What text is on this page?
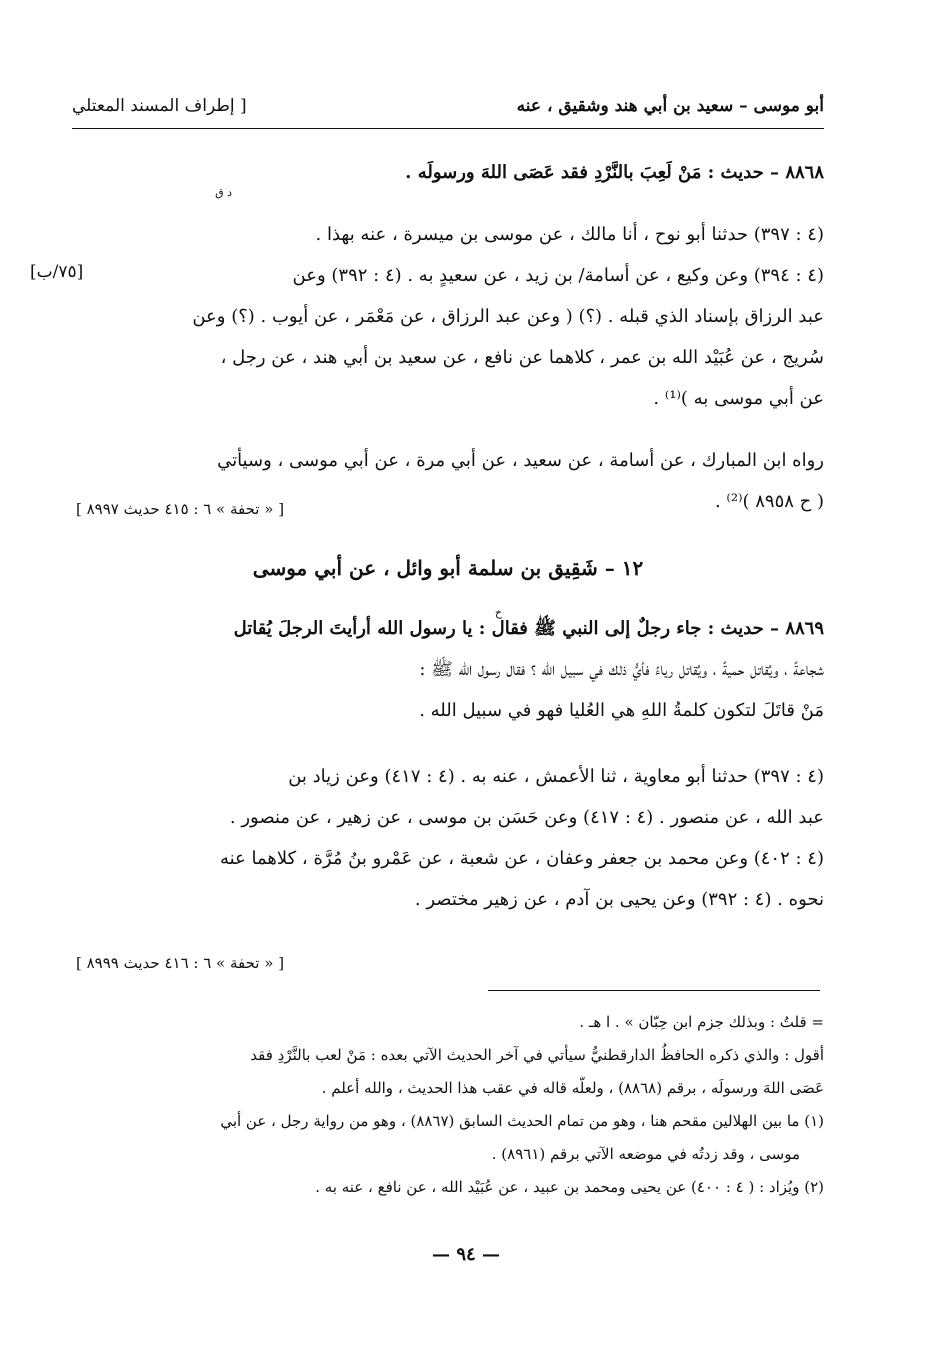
أبو موسى – سعيد بن أبي هند وشقيق ، عنه
[ إطراف المسند المعتلي
[٧٥/ب]
٨٨٦٨ – حديث : مَنْ لَعِبَ بالنَّرْدِ فقد عَصَى اللهَ ورسولَه .
د ق
(٤ : ٣٩٧) حدثنا أبو نوح ، أنا مالك ، عن موسى بن ميسرة ، عنه بهذا .
(٤ : ٣٩٤) وعن وكيع ، عن أسامة/ بن زيد ، عن سعيدٍ به . (٤ : ٣٩٢) وعن
عبد الرزاق بإسناد الذي قبله . (؟) ( وعن عبد الرزاق ، عن مَعْمَر ، عن أيوب . (؟) وعن
سُريج ، عن عُبَيْد الله بن عمر ، كلاهما عن نافع ، عن سعيد بن أبي هند ، عن رجل ،
عن أبي موسى به )⁽¹⁾ .
رواه ابن المبارك ، عن أسامة ، عن سعيد ، عن أبي مرة ، عن أبي موسى ، وسيأتي
( ح ٨٩٥٨ )⁽²⁾ .
[ « تحفة » ٦ : ٤١٥ حديث ٨٩٩٧ ]
١٢ – شَقِيق بن سلمة أبو وائل ، عن أبي موسى
خ
٨٨٦٩ – حديث : جاء رجلٌ إلى النبي ﷺ فقال : يا رسول الله أرأيتَ الرجلَ يُقاتل
شجاعةً ، ويُقاتل حميةً ، ويُقاتل رياءً فأيُّ ذلك في سبيل الله ؟ فقال رسول الله ﷺ :
مَنْ قاتَلَ لتكون كلمةُ اللهِ هي العُليا فهو في سبيل الله .
(٤ : ٣٩٧) حدثنا أبو معاوية ، ثنا الأعمش ، عنه به . (٤ : ٤١٧) وعن زياد بن
عبد الله ، عن منصور . (٤ : ٤١٧) وعن حَسَن بن موسى ، عن زهير ، عن منصور .
(٤ : ٤٠٢) وعن محمد بن جعفر وعفان ، عن شعبة ، عن عَمْرو بنُ مُرَّة ، كلاهما عنه
نحوه . (٤ : ٣٩٢) وعن يحيى بن آدم ، عن زهير مختصر .
[ « تحفة » ٦ : ٤١٦ حديث ٨٩٩٩ ]
= قلتُ : وبذلك جزم ابن حِبّان » . ا هـ .
أقول : والذي ذكره الحافظُ الدارقطنيُّ سيأتي في آخر الحديث الآتي بعده : مَنْ لعب بالنَّرْدِ فقد
عَصَى اللهَ ورسولَه ، برقم (٨٨٦٨) ، ولعلّه قاله في عقب هذا الحديث ، والله أعلم .
(١) ما بين الهلالين مقحم هنا ، وهو من تمام الحديث السابق (٨٨٦٧) ، وهو من رواية رجل ، عن أبي
موسى ، وقد زدتُه في موضعه الآتي برقم (٨٩٦١) .
(٢) ويُزاد : ( ٤ : ٤٠٠) عن يحيى ومحمد بن عبيد ، عن عُبَيْد الله ، عن نافع ، عنه به .
— ٩٤ —
